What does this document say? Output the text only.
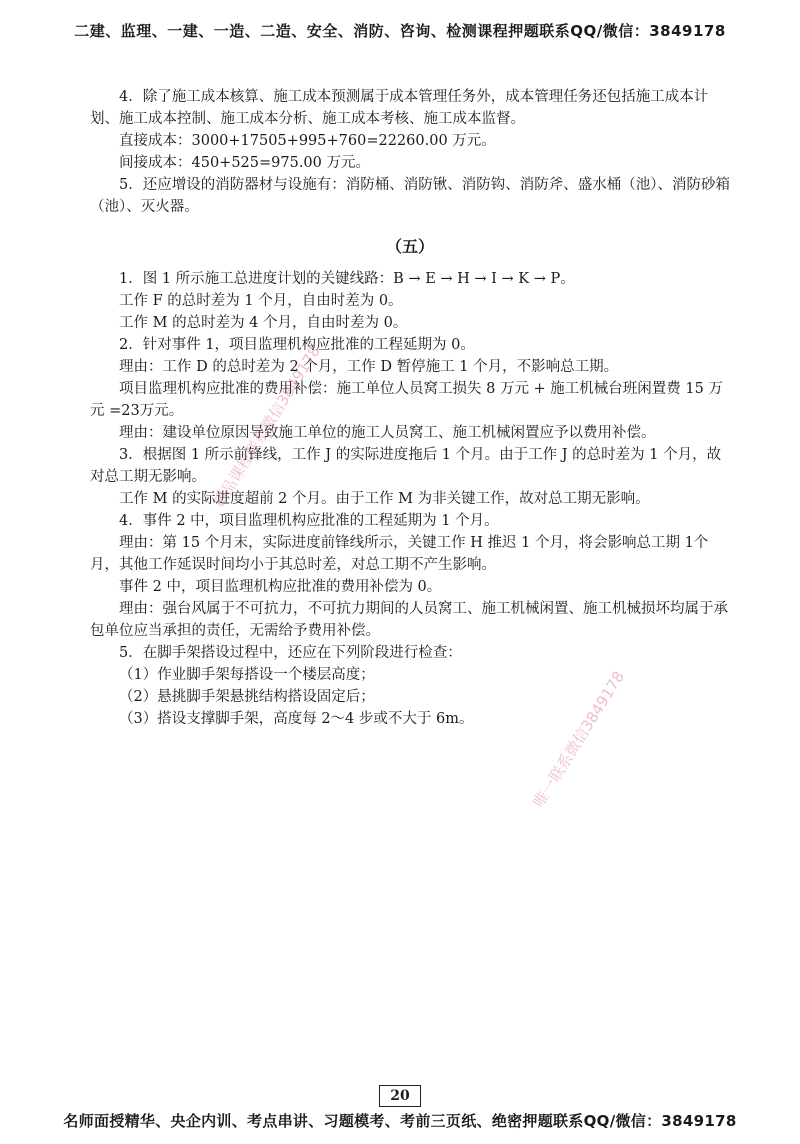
二建、监理、一建、一造、二造、安全、消防、咨询、检测课程押题联系QQ/微信：3849178

4．除了施工成本核算、施工成本预测属于成本管理任务外，成本管理任务还包括施工成本计划、施工成本控制、施工成本分析、施工成本考核、施工成本监督。

直接成本：3000+17505+995+760=22260.00 万元。

间接成本：450+525=975.00 万元。

5．还应增设的消防器材与设施有：消防桶、消防锹、消防钩、消防斧、盛水桶（池）、消防砂箱（池）、灭火器。

（五）

1．图 1 所示施工总进度计划的关键线路：B → E → H → I → K → P。

工作 F 的总时差为 1 个月，自由时差为 0。

工作 M 的总时差为 4 个月，自由时差为 0。

2．针对事件 1，项目监理机构应批准的工程延期为 0。

理由：工作 D 的总时差为 2 个月，工作 D 暂停施工 1 个月，不影响总工期。

项目监理机构应批准的费用补偿：施工单位人员窝工损失 8 万元 + 施工机械台班闲置费 15 万元 =23万元。

理由：建设单位原因导致施工单位的施工人员窝工、施工机械闲置应予以费用补偿。

3．根据图 1 所示前锋线，工作 J 的实际进度拖后 1 个月。由于工作 J 的总时差为 1 个月，故对总工期无影响。

工作 M 的实际进度超前 2 个月。由于工作 M 为非关键工作，故对总工期无影响。

4．事件 2 中，项目监理机构应批准的工程延期为 1 个月。

理由：第 15 个月末，实际进度前锋线所示，关键工作 H 推迟 1 个月，将会影响总工期 1个月，其他工作延误时间均小于其总时差，对总工期不产生影响。

事件 2 中，项目监理机构应批准的费用补偿为 0。

理由：强台风属于不可抗力，不可抗力期间的人员窝工、施工机械闲置、施工机械损坏均属于承包单位应当承担的责任，无需给予费用补偿。

5．在脚手架搭设过程中，还应在下列阶段进行检查：

（1）作业脚手架每搭设一个楼层高度；

（2）悬挑脚手架悬挑结构搭设固定后；

（3）搭设支撑脚手架，高度每 2～4 步或不大于 6m。

精品课程联系微信3849178
唯一联系微信3849178
20
名师面授精华、央企内训、考点串讲、习题模考、考前三页纸、绝密押题联系QQ/微信：3849178
